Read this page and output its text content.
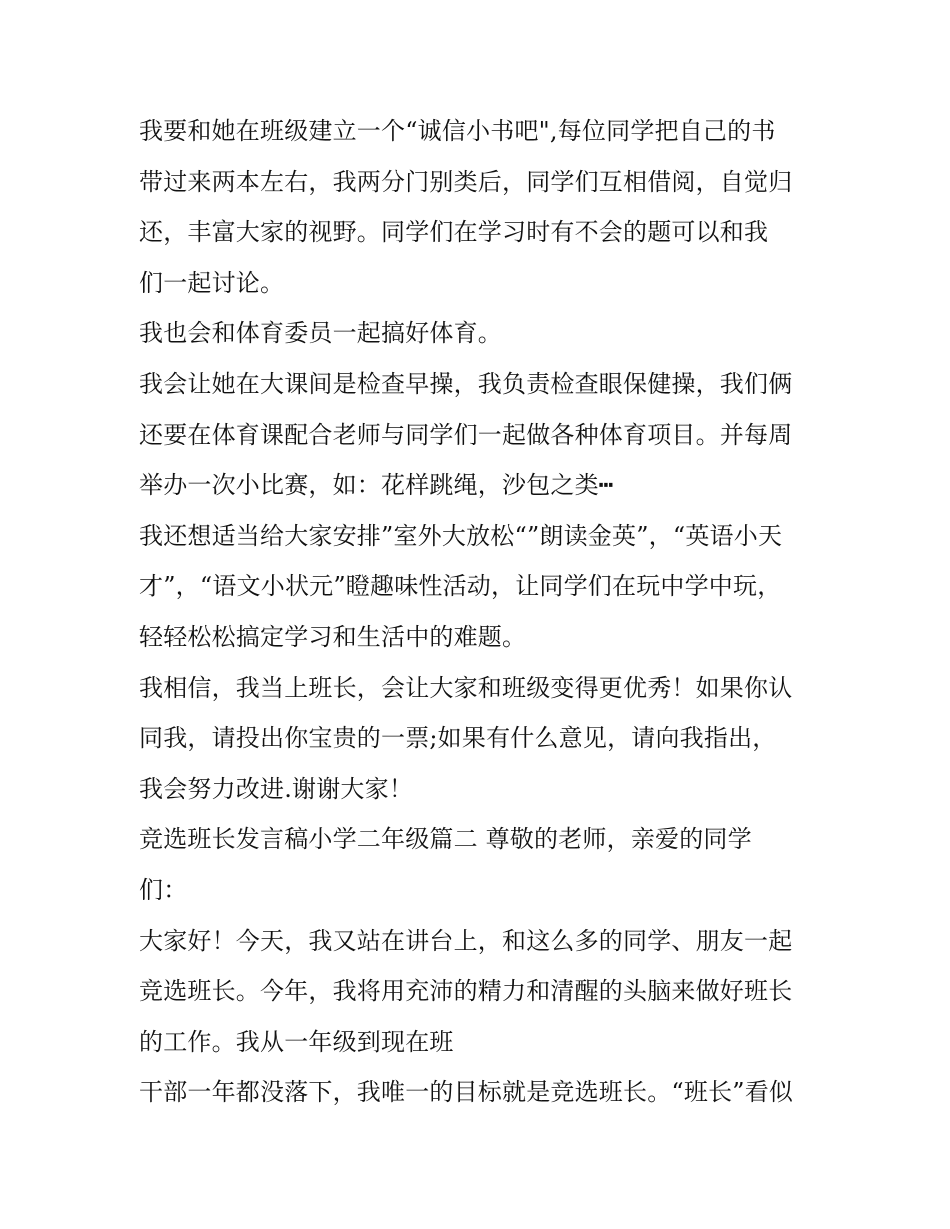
我要和她在班级建立一个“诚信小书吧",每位同学把自己的书
带过来两本左右，我两分门别类后，同学们互相借阅，自觉归
还，丰富大家的视野。同学们在学习时有不会的题可以和我
们一起讨论。
我也会和体育委员一起搞好体育。
我会让她在大课间是检查早操，我负责检查眼保健操，我们俩
还要在体育课配合老师与同学们一起做各种体育项目。并每周
举办一次小比赛，如：花样跳绳，沙包之类┅
我还想适当给大家安排”室外大放松“”朗读金英”，“英语小天
才”，“语文小状元”瞪趣味性活动，让同学们在玩中学中玩，
轻轻松松搞定学习和生活中的难题。
我相信，我当上班长，会让大家和班级变得更优秀！如果你认
同我，请投出你宝贵的一票;如果有什么意见，请向我指出，
我会努力改进.谢谢大家！
竞选班长发言稿小学二年级篇二 尊敬的老师，亲爱的同学
们：
大家好！今天，我又站在讲台上，和这么多的同学、朋友一起
竞选班长。今年，我将用充沛的精力和清醒的头脑来做好班长
的工作。我从一年级到现在班
干部一年都没落下，我唯一的目标就是竞选班长。“班长”看似
